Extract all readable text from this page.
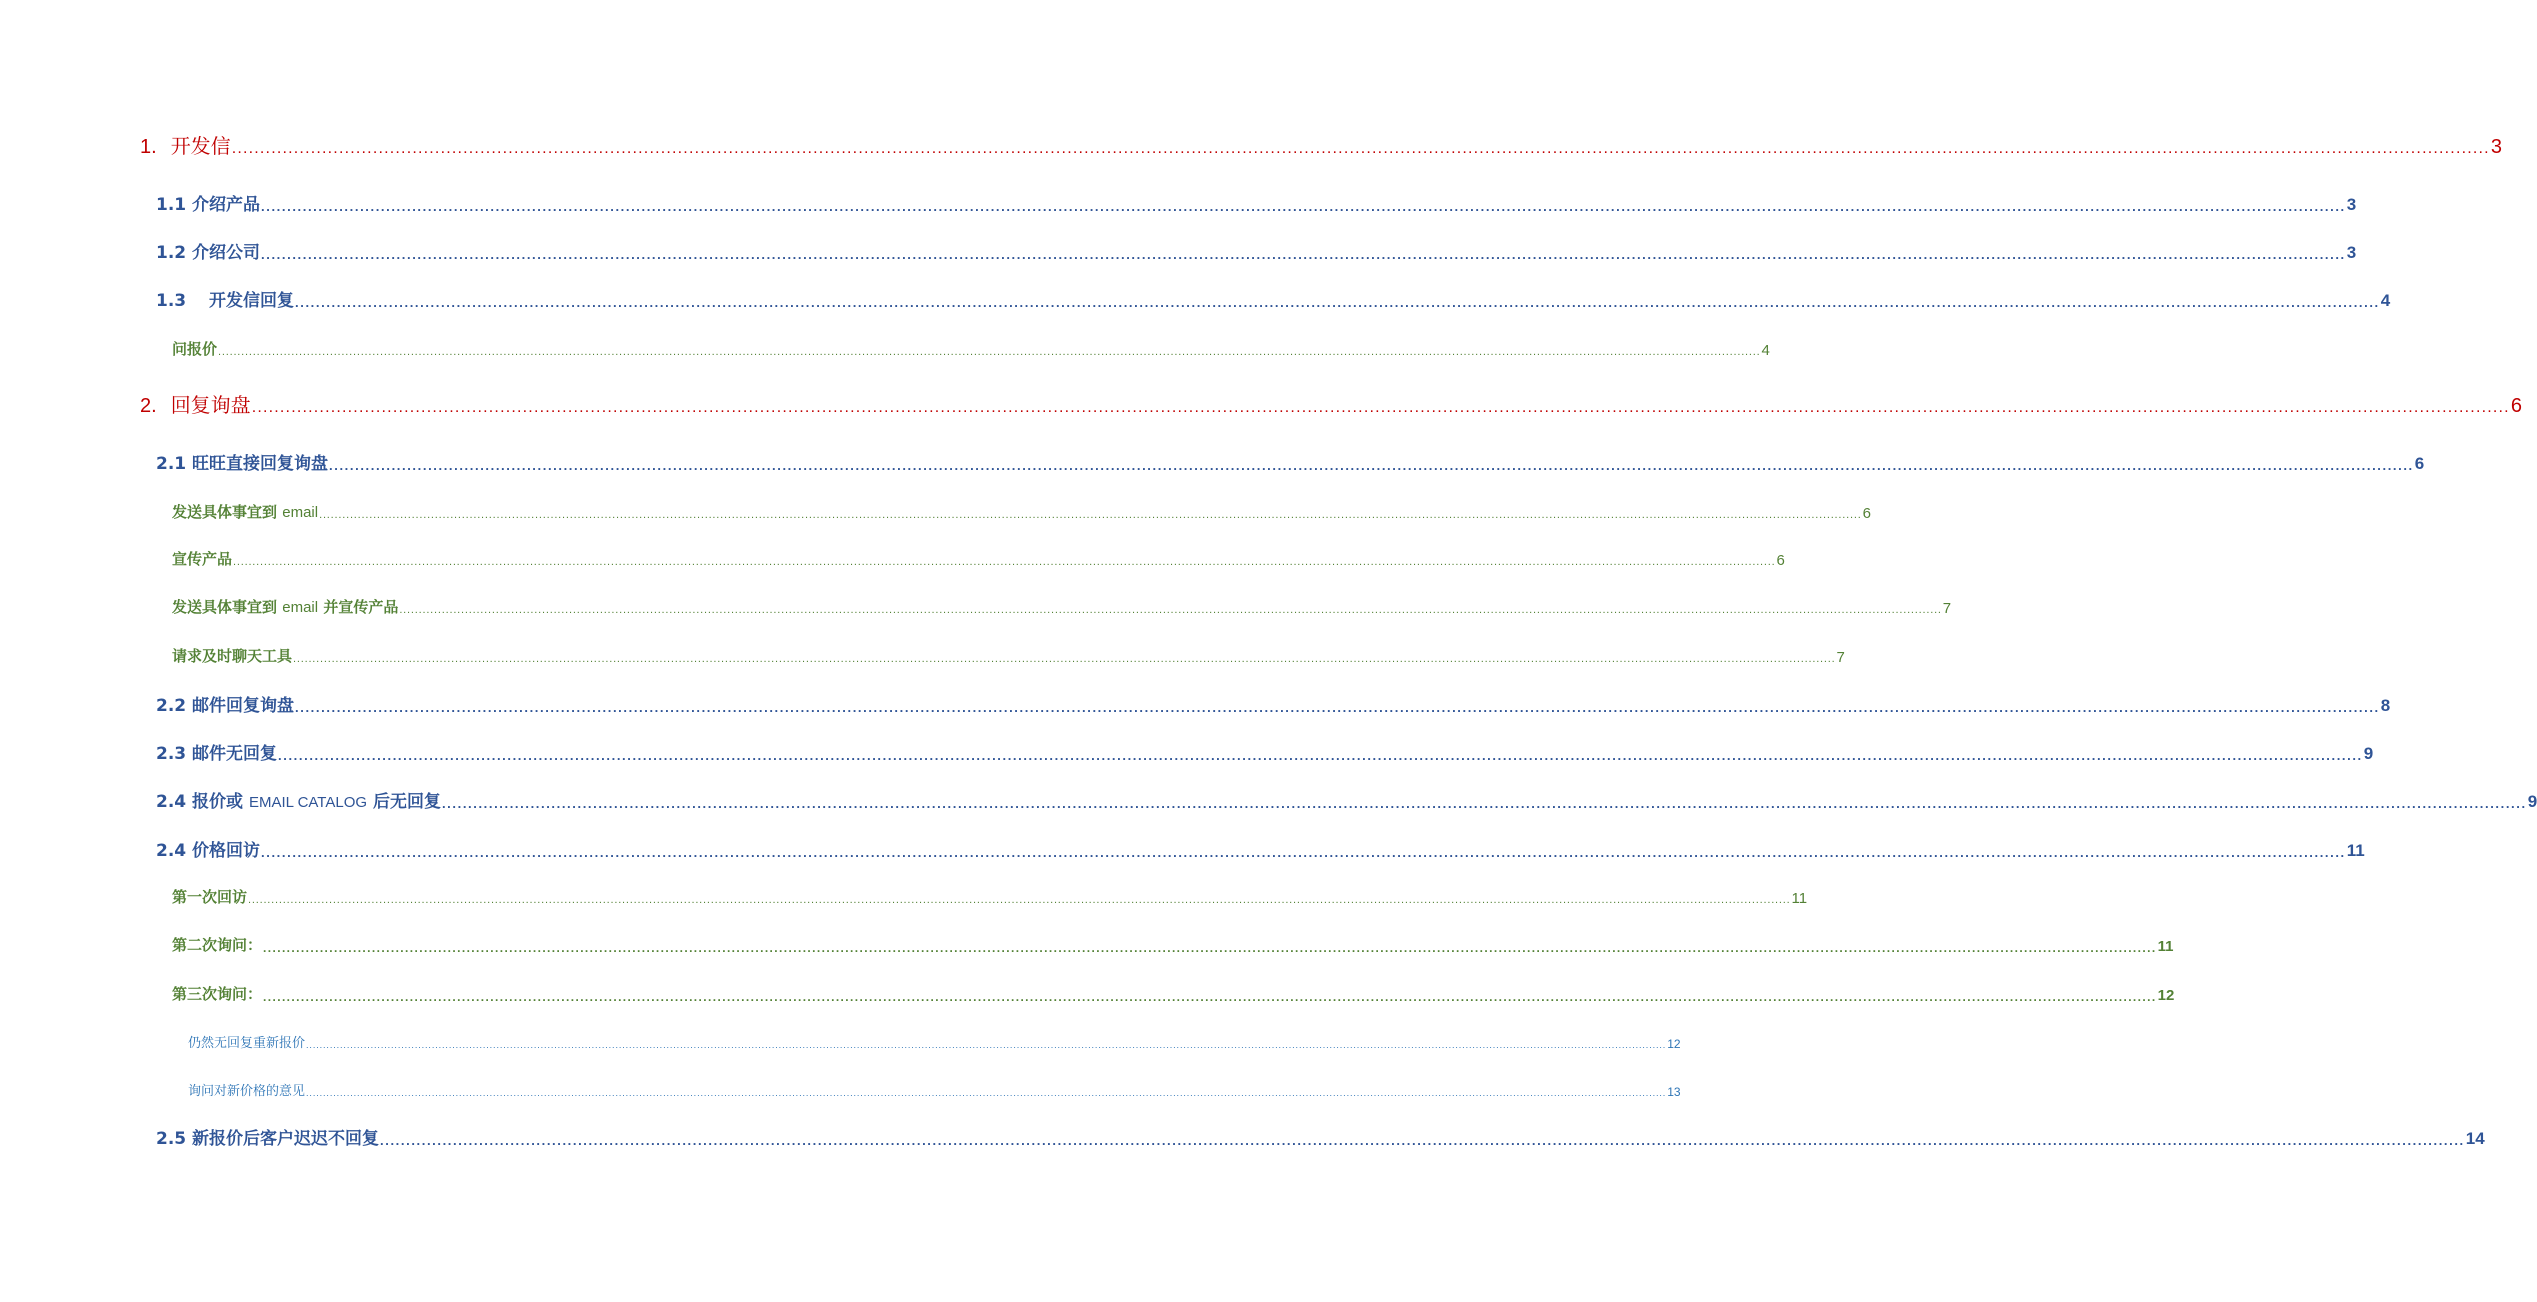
1. 开发信 ................................................................................................................................................................................................................................................................................................................................................................................................................ 3
1.1 介绍产品 ................................................................................................................................................................................................................................................................................................................................................................................................................ 3
1.2 介绍公司 ................................................................................................................................................................................................................................................................................................................................................................................................................ 3
1.3　 开发信回复 ................................................................................................................................................................................................................................................................................................................................................................................................................ 4
问报价 ................................................................................................................................................................................................................................................................................................................................................................................................................ 4
2. 回复询盘 ................................................................................................................................................................................................................................................................................................................................................................................................................ 6
2.1 旺旺直接回复询盘 ................................................................................................................................................................................................................................................................................................................................................................................................................ 6
发送具体事宜到 email ................................................................................................................................................................................................................................................................................................................................................................................................................ 6
宣传产品 ................................................................................................................................................................................................................................................................................................................................................................................................................ 6
发送具体事宜到 email 并宣传产品 ................................................................................................................................................................................................................................................................................................................................................................................................................ 7
请求及时聊天工具 ................................................................................................................................................................................................................................................................................................................................................................................................................ 7
2.2 邮件回复询盘 ................................................................................................................................................................................................................................................................................................................................................................................................................ 8
2.3 邮件无回复 ................................................................................................................................................................................................................................................................................................................................................................................................................ 9
2.4 报价或 EMAIL CATALOG 后无回复 ................................................................................................................................................................................................................................................................................................................................................................................................................ 9
2.4 价格回访 ................................................................................................................................................................................................................................................................................................................................................................................................................ 11
第一次回访 ................................................................................................................................................................................................................................................................................................................................................................................................................ 11
第二次询问： ................................................................................................................................................................................................................................................................................................................................................................................................................ 11
第三次询问： ................................................................................................................................................................................................................................................................................................................................................................................................................ 12
仍然无回复重新报价 ................................................................................................................................................................................................................................................................................................................................................................................................................ 12
询问对新价格的意见 ................................................................................................................................................................................................................................................................................................................................................................................................................ 13
2.5 新报价后客户迟迟不回复 ................................................................................................................................................................................................................................................................................................................................................................................................................ 14
